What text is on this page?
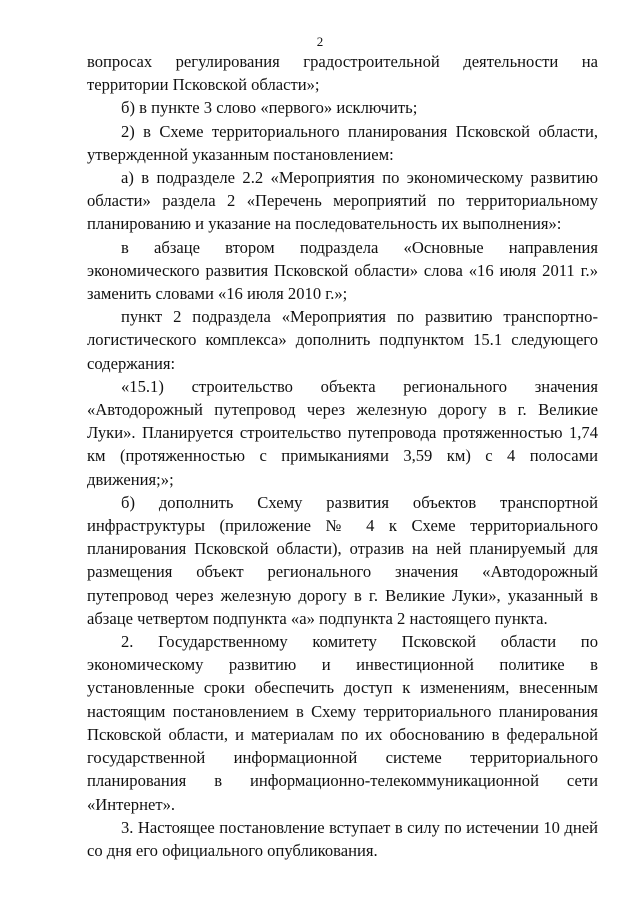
2

вопросах регулирования градостроительной деятельности на территории Псковской области»;

б) в пункте 3 слово «первого» исключить;

2) в Схеме территориального планирования Псковской области, утвержденной указанным постановлением:

а) в подразделе 2.2 «Мероприятия по экономическому развитию области» раздела 2 «Перечень мероприятий по территориальному планированию и указание на последовательность их выполнения»:

в абзаце втором подраздела «Основные направления экономического развития Псковской области» слова «16 июля 2011 г.» заменить словами «16 июля 2010 г.»;

пункт 2 подраздела «Мероприятия по развитию транспортно-логистического комплекса» дополнить подпунктом 15.1 следующего содержания:

«15.1) строительство объекта регионального значения «Автодорожный путепровод через железную дорогу в г. Великие Луки». Планируется строительство путепровода протяженностью 1,74 км (протяженностью с примыканиями 3,59 км) с 4 полосами движения;»;

б) дополнить Схему развития объектов транспортной инфраструктуры (приложение № 4 к Схеме территориального планирования Псковской области), отразив на ней планируемый для размещения объект регионального значения «Автодорожный путепровод через железную дорогу в г. Великие Луки», указанный в абзаце четвертом подпункта «а» подпункта 2 настоящего пункта.

2. Государственному комитету Псковской области по экономическому развитию и инвестиционной политике в установленные сроки обеспечить доступ к изменениям, внесенным настоящим постановлением в Схему территориального планирования Псковской области, и материалам по их обоснованию в федеральной государственной информационной системе территориального планирования в информационно-телекоммуникационной сети «Интернет».

3. Настоящее постановление вступает в силу по истечении 10 дней со дня его официального опубликования.
